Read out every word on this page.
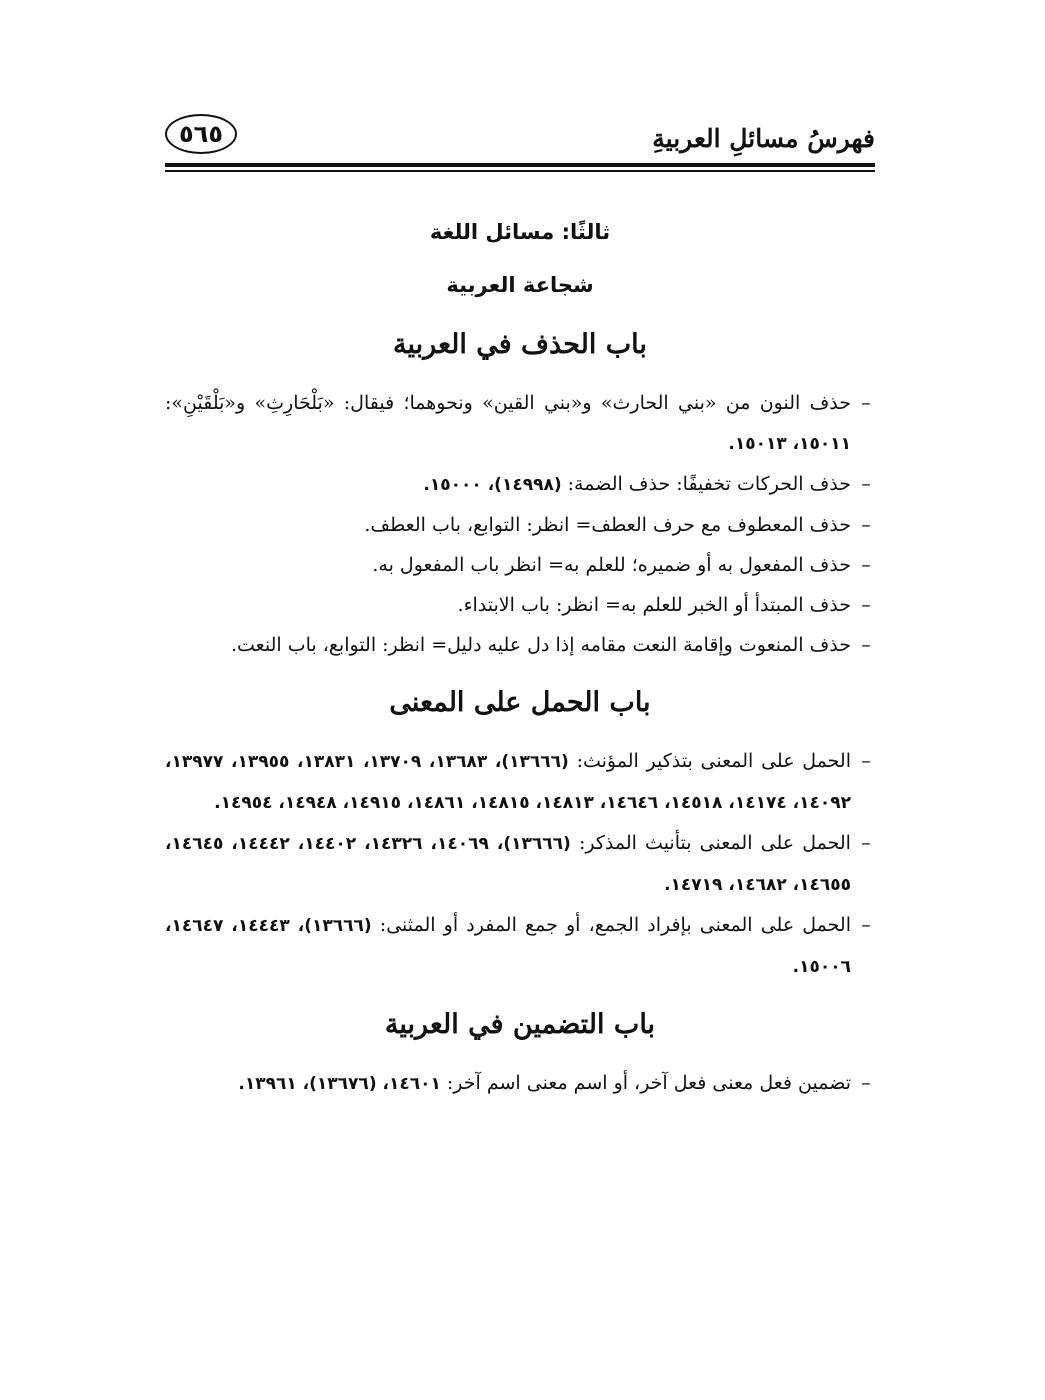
فهرسُ مسائلِ العربيةِ
٥٦٥
ثالثًا: مسائل اللغة
شجاعة العربية
باب الحذف في العربية
–
حذف النون من «بني الحارث» و«بني القين» ونحوهما؛ فيقال: «بَلْحَارِثِ» و«بَلْقَيْنِ»: ١٥٠١١، ١٥٠١٣.
–
حذف الحركات تخفيفًا: حذف الضمة: (١٤٩٩٨)، ١٥٠٠٠.
–
حذف المعطوف مع حرف العطف= انظر: التوابع، باب العطف.
–
حذف المفعول به أو ضميره؛ للعلم به= انظر باب المفعول به.
–
حذف المبتدأ أو الخبر للعلم به= انظر: باب الابتداء.
–
حذف المنعوت وإقامة النعت مقامه إذا دل عليه دليل= انظر: التوابع، باب النعت.
باب الحمل على المعنى
–
الحمل على المعنى بتذكير المؤنث: (١٣٦٦٦)، ١٣٦٨٣، ١٣٧٠٩، ١٣٨٣١، ١٣٩٥٥، ١٣٩٧٧، ١٤٠٩٢، ١٤١٧٤، ١٤٥١٨، ١٤٦٤٦، ١٤٨١٣، ١٤٨١٥، ١٤٨٦١، ١٤٩١٥، ١٤٩٤٨، ١٤٩٥٤.
–
الحمل على المعنى بتأنيث المذكر: (١٣٦٦٦)، ١٤٠٦٩، ١٤٣٢٦، ١٤٤٠٢، ١٤٤٤٢، ١٤٦٤٥، ١٤٦٥٥، ١٤٦٨٢، ١٤٧١٩.
–
الحمل على المعنى بإفراد الجمع، أو جمع المفرد أو المثنى: (١٣٦٦٦)، ١٤٤٤٣، ١٤٦٤٧، ١٥٠٠٦.
باب التضمين في العربية
–
تضمين فعل معنى فعل آخر، أو اسم معنى اسم آخر: ١٤٦٠١، (١٣٦٧٦)، ١٣٩٦١.
